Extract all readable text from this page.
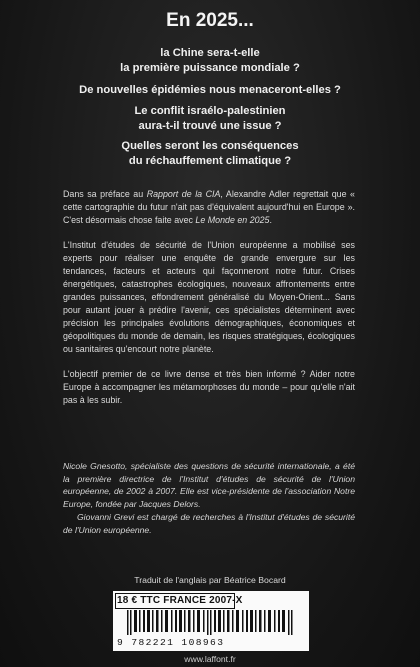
En 2025...
la Chine sera-t-elle
la première puissance mondiale ?
De nouvelles épidémies nous menaceront-elles ?
Le conflit israélo-palestinien
aura-t-il trouvé une issue ?
Quelles seront les conséquences
du réchauffement climatique ?
Dans sa préface au Rapport de la CIA, Alexandre Adler regrettait que « cette cartographie du futur n'ait pas d'équivalent aujourd'hui en Europe ». C'est désormais chose faite avec Le Monde en 2025.
L'Institut d'études de sécurité de l'Union européenne a mobilisé ses experts pour réaliser une enquête de grande envergure sur les tendances, facteurs et acteurs qui façonneront notre futur. Crises énergétiques, catastrophes écologiques, nouveaux affrontements entre grandes puissances, effondrement généralisé du Moyen-Orient... Sans pour autant jouer à prédire l'avenir, ces spécialistes déterminent avec précision les principales évolutions démographiques, économiques et géopolitiques du monde de demain, les risques stratégiques, écologiques ou sanitaires qu'encourt notre planète.
L'objectif premier de ce livre dense et très bien informé ? Aider notre Europe à accompagner les métamorphoses du monde – pour qu'elle n'ait pas à les subir.
Nicole Gnesotto, spécialiste des questions de sécurité internationale, a été la première directrice de l'Institut d'études de sécurité de l'Union européenne, de 2002 à 2007. Elle est vice-présidente de l'association Notre Europe, fondée par Jacques Delors.
Giovanni Grevi est chargé de recherches à l'Institut d'études de sécurité de l'Union européenne.
Traduit de l'anglais par Béatrice Bocard
18 € TTC FRANCE 2007-X
9 782221 108963
www.laffont.fr
